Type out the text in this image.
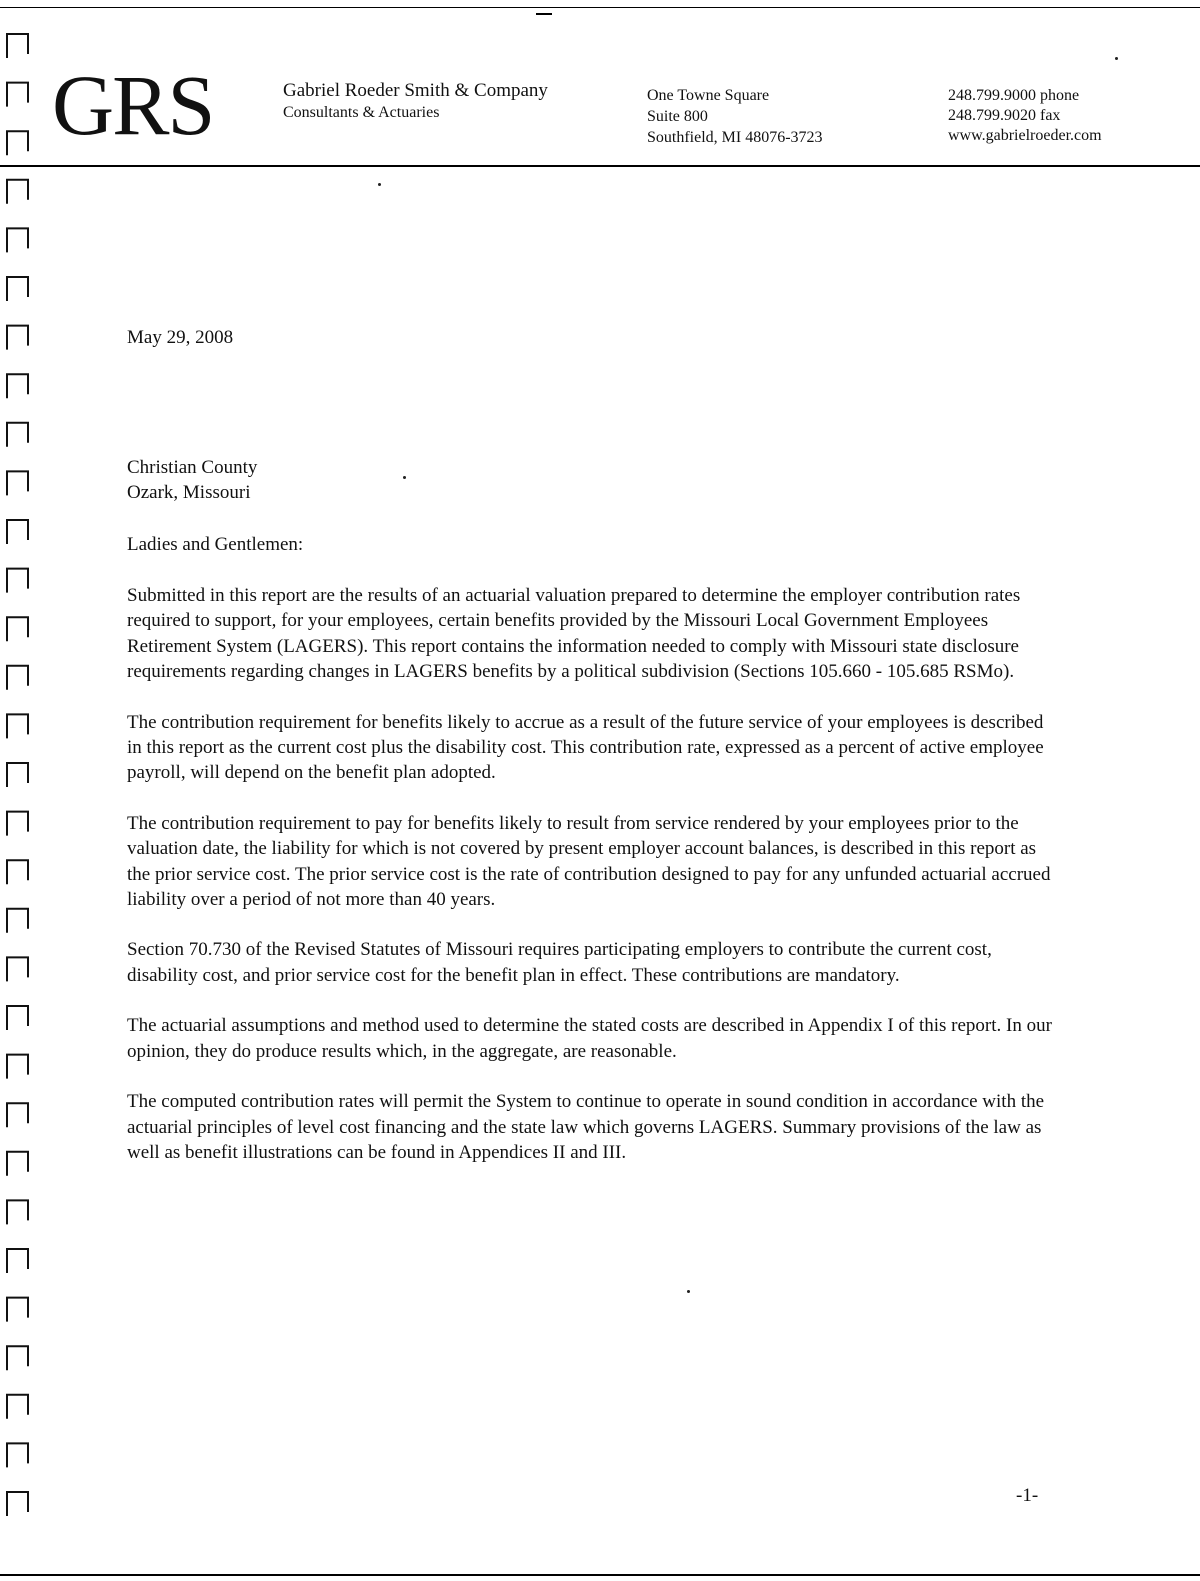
GRS	Gabriel Roeder Smith & Company
Consultants & Actuaries
One Towne Square
Suite 800
Southfield, MI 48076-3723
248.799.9000 phone
248.799.9020 fax
www.gabrielroeder.com
May 29, 2008
Christian County
Ozark, Missouri
Ladies and Gentlemen:

Submitted in this report are the results of an actuarial valuation prepared to determine the employer contribution rates required to support, for your employees, certain benefits provided by the Missouri Local Government Employees Retirement System (LAGERS). This report contains the information needed to comply with Missouri state disclosure requirements regarding changes in LAGERS benefits by a political subdivision (Sections 105.660 - 105.685 RSMo).

The contribution requirement for benefits likely to accrue as a result of the future service of your employees is described in this report as the current cost plus the disability cost. This contribution rate, expressed as a percent of active employee payroll, will depend on the benefit plan adopted.

The contribution requirement to pay for benefits likely to result from service rendered by your employees prior to the valuation date, the liability for which is not covered by present employer account balances, is described in this report as the prior service cost. The prior service cost is the rate of contribution designed to pay for any unfunded actuarial accrued liability over a period of not more than 40 years.

Section 70.730 of the Revised Statutes of Missouri requires participating employers to contribute the current cost, disability cost, and prior service cost for the benefit plan in effect. These contributions are mandatory.

The actuarial assumptions and method used to determine the stated costs are described in Appendix I of this report. In our opinion, they do produce results which, in the aggregate, are reasonable.

The computed contribution rates will permit the System to continue to operate in sound condition in accordance with the actuarial principles of level cost financing and the state law which governs LAGERS. Summary provisions of the law as well as benefit illustrations can be found in Appendices II and III.

-1-
